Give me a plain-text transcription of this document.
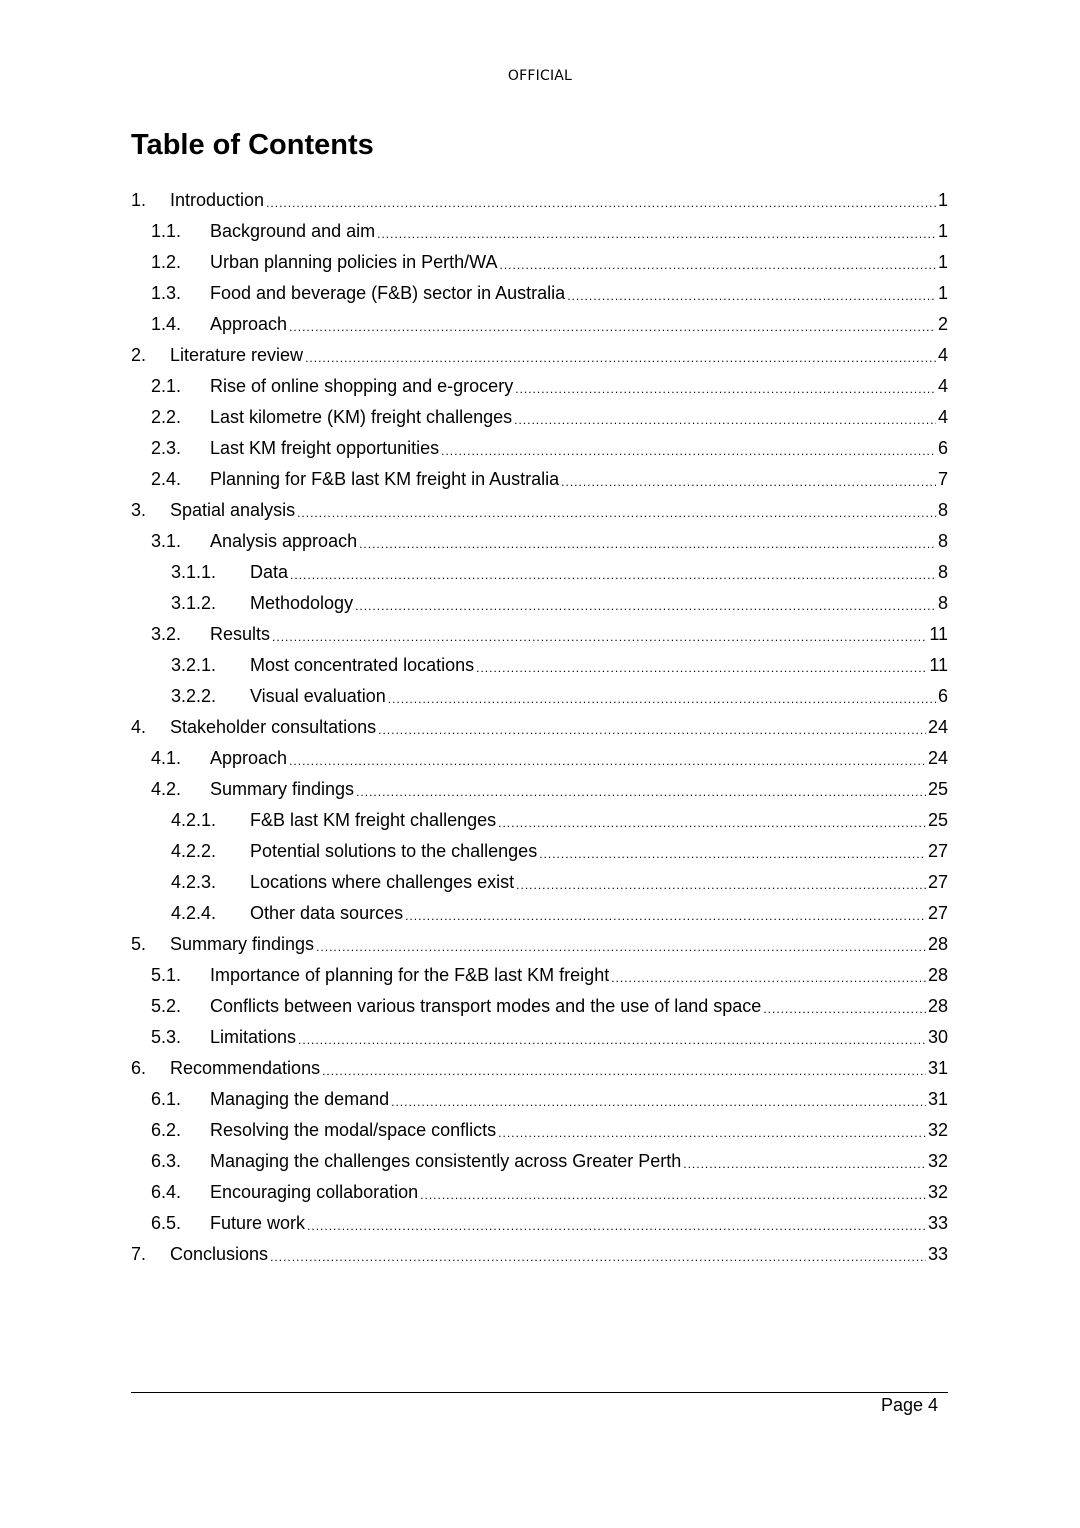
OFFICIAL
Table of Contents
1.	Introduction .....	1
1.1.	Background and aim .....	1
1.2.	Urban planning policies in Perth/WA .....	1
1.3.	Food and beverage (F&B) sector in Australia .....	1
1.4.	Approach .....	2
2.	Literature review .....	4
2.1.	Rise of online shopping and e-grocery .....	4
2.2.	Last kilometre (KM) freight challenges .....	4
2.3.	Last KM freight opportunities .....	6
2.4.	Planning for F&B last KM freight in Australia .....	7
3.	Spatial analysis .....	8
3.1.	Analysis approach .....	8
3.1.1.	Data .....	8
3.1.2.	Methodology .....	8
3.2.	Results .....	11
3.2.1.	Most concentrated locations .....	11
3.2.2.	Visual evaluation .....	6
4.	Stakeholder consultations .....	24
4.1.	Approach .....	24
4.2.	Summary findings .....	25
4.2.1.	F&B last KM freight challenges .....	25
4.2.2.	Potential solutions to the challenges .....	27
4.2.3.	Locations where challenges exist .....	27
4.2.4.	Other data sources .....	27
5.	Summary findings .....	28
5.1.	Importance of planning for the F&B last KM freight .....	28
5.2.	Conflicts between various transport modes and the use of land space .....	28
5.3.	Limitations .....	30
6.	Recommendations .....	31
6.1.	Managing the demand .....	31
6.2.	Resolving the modal/space conflicts .....	32
6.3.	Managing the challenges consistently across Greater Perth .....	32
6.4.	Encouraging collaboration .....	32
6.5.	Future work .....	33
7.	Conclusions .....	33
Page 4
